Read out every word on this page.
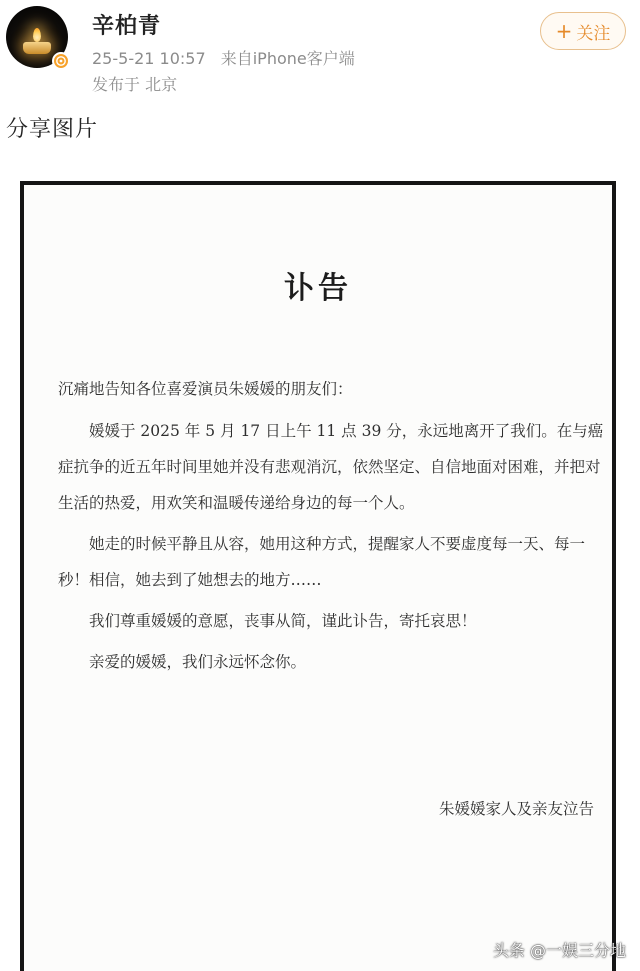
辛柏青
25-5-21 10:57 来自iPhone客户端
发布于 北京
+ 关注
分享图片
讣告

沉痛地告知各位喜爱演员朱媛媛的朋友们：

媛媛于 2025 年 5 月 17 日上午 11 点 39 分，永远地离开了我们。在与癌症抗争的近五年时间里她并没有悲观消沉，依然坚定、自信地面对困难，并把对生活的热爱，用欢笑和温暖传递给身边的每一个人。

她走的时候平静且从容，她用这种方式，提醒家人不要虚度每一天、每一秒！相信，她去到了她想去的地方……

我们尊重媛媛的意愿，丧事从简，谨此讣告，寄托哀思！

亲爱的媛媛，我们永远怀念你。

朱媛媛家人及亲友泣告
头条 @一娱三分地
